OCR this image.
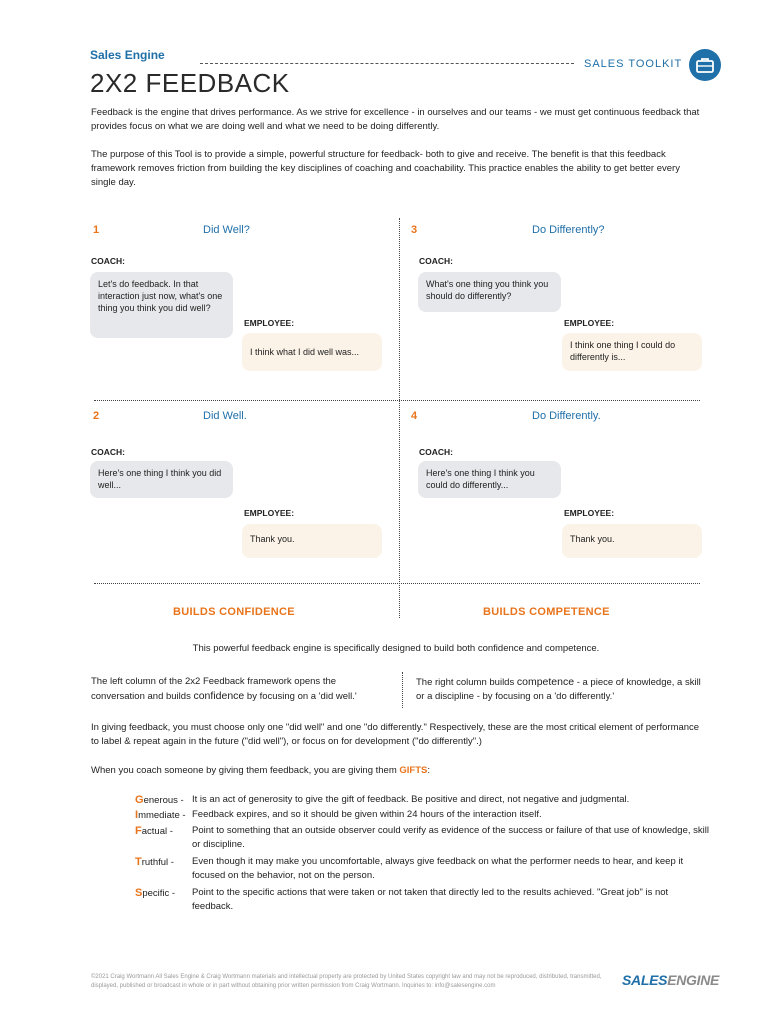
Sales Engine
SALES TOOLKIT
2X2 FEEDBACK
Feedback is the engine that drives performance. As we strive for excellence - in ourselves and our teams - we must get continuous feedback that provides focus on what we are doing well and what we need to be doing differently.
The purpose of this Tool is to provide a simple, powerful structure for feedback- both to give and receive. The benefit is that this feedback framework removes friction from building the key disciplines of coaching and coachability. This practice enables the ability to get better every single day.
1	Did Well?
COACH:
Let's do feedback. In that interaction just now, what's one thing you think you did well?
EMPLOYEE:
I think what I did well was...
3	Do Differently?
COACH:
What's one thing you think you should do differently?
EMPLOYEE:
I think one thing I could do differently is...
2	Did Well.
COACH:
Here's one thing I think you did well...
EMPLOYEE:
Thank you.
4	Do Differently.
COACH:
Here's one thing I think you could do differently...
EMPLOYEE:
Thank you.
BUILDS CONFIDENCE	BUILDS COMPETENCE
This powerful feedback engine is specifically designed to build both confidence and competence.
The left column of the 2x2 Feedback framework opens the conversation and builds confidence by focusing on a 'did well.'
The right column builds competence - a piece of knowledge, a skill or a discipline - by focusing on a 'do differently.'
In giving feedback, you must choose only one "did well" and one "do differently." Respectively, these are the most critical element of performance to label & repeat again in the future ("did well"), or focus on for development ("do differently".)
When you coach someone by giving them feedback, you are giving them GIFTS:
Generous - It is an act of generosity to give the gift of feedback. Be positive and direct, not negative and judgmental.
Immediate - Feedback expires, and so it should be given within 24 hours of the interaction itself.
Factual - Point to something that an outside observer could verify as evidence of the success or failure of that use of knowledge, skill or discipline.
Truthful - Even though it may make you uncomfortable, always give feedback on what the performer needs to hear, and keep it focused on the behavior, not on the person.
Specific - Point to the specific actions that were taken or not taken that directly led to the results achieved. "Great job" is not feedback.
©2021 Craig Wortmann All Sales Engine & Craig Wortmann materials and intellectual property are protected by United States copyright law and may not be reproduced, distributed, transmitted, displayed, published or broadcast in whole or in part without obtaining prior written permission from Craig Wortmann. Inquiries to: info@salesengine.com	SALESENGINE
